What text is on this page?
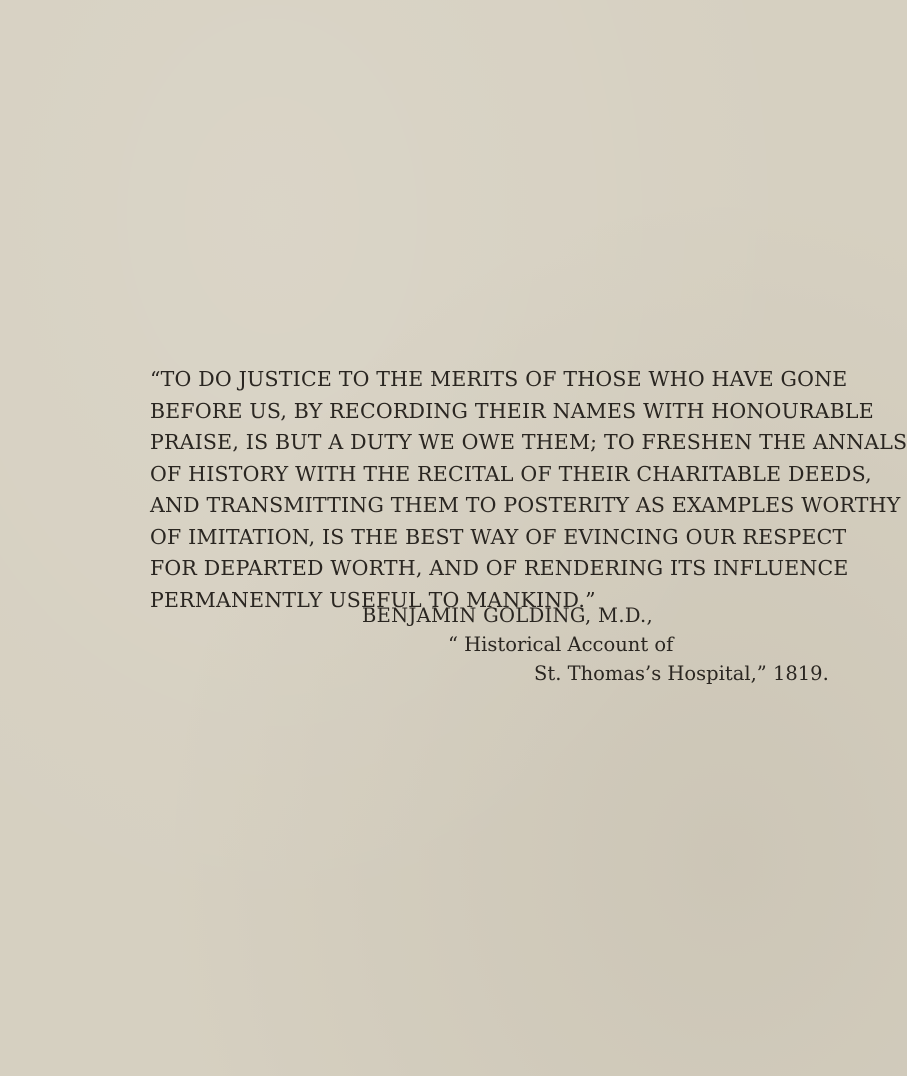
“TO DO JUSTICE TO THE MERITS OF THOSE WHO HAVE GONE
BEFORE US, BY RECORDING THEIR NAMES WITH HONOURABLE
PRAISE, IS BUT A DUTY WE OWE THEM; TO FRESHEN THE ANNALS
OF HISTORY WITH THE RECITAL OF THEIR CHARITABLE DEEDS,
AND TRANSMITTING THEM TO POSTERITY AS EXAMPLES WORTHY
OF IMITATION, IS THE BEST WAY OF EVINCING OUR RESPECT
FOR DEPARTED WORTH, AND OF RENDERING ITS INFLUENCE
PERMANENTLY USEFUL TO MANKIND.”
BENJAMIN GOLDING, M.D.,
“ Historical Account of
St. Thomas’s Hospital,” 1819.
